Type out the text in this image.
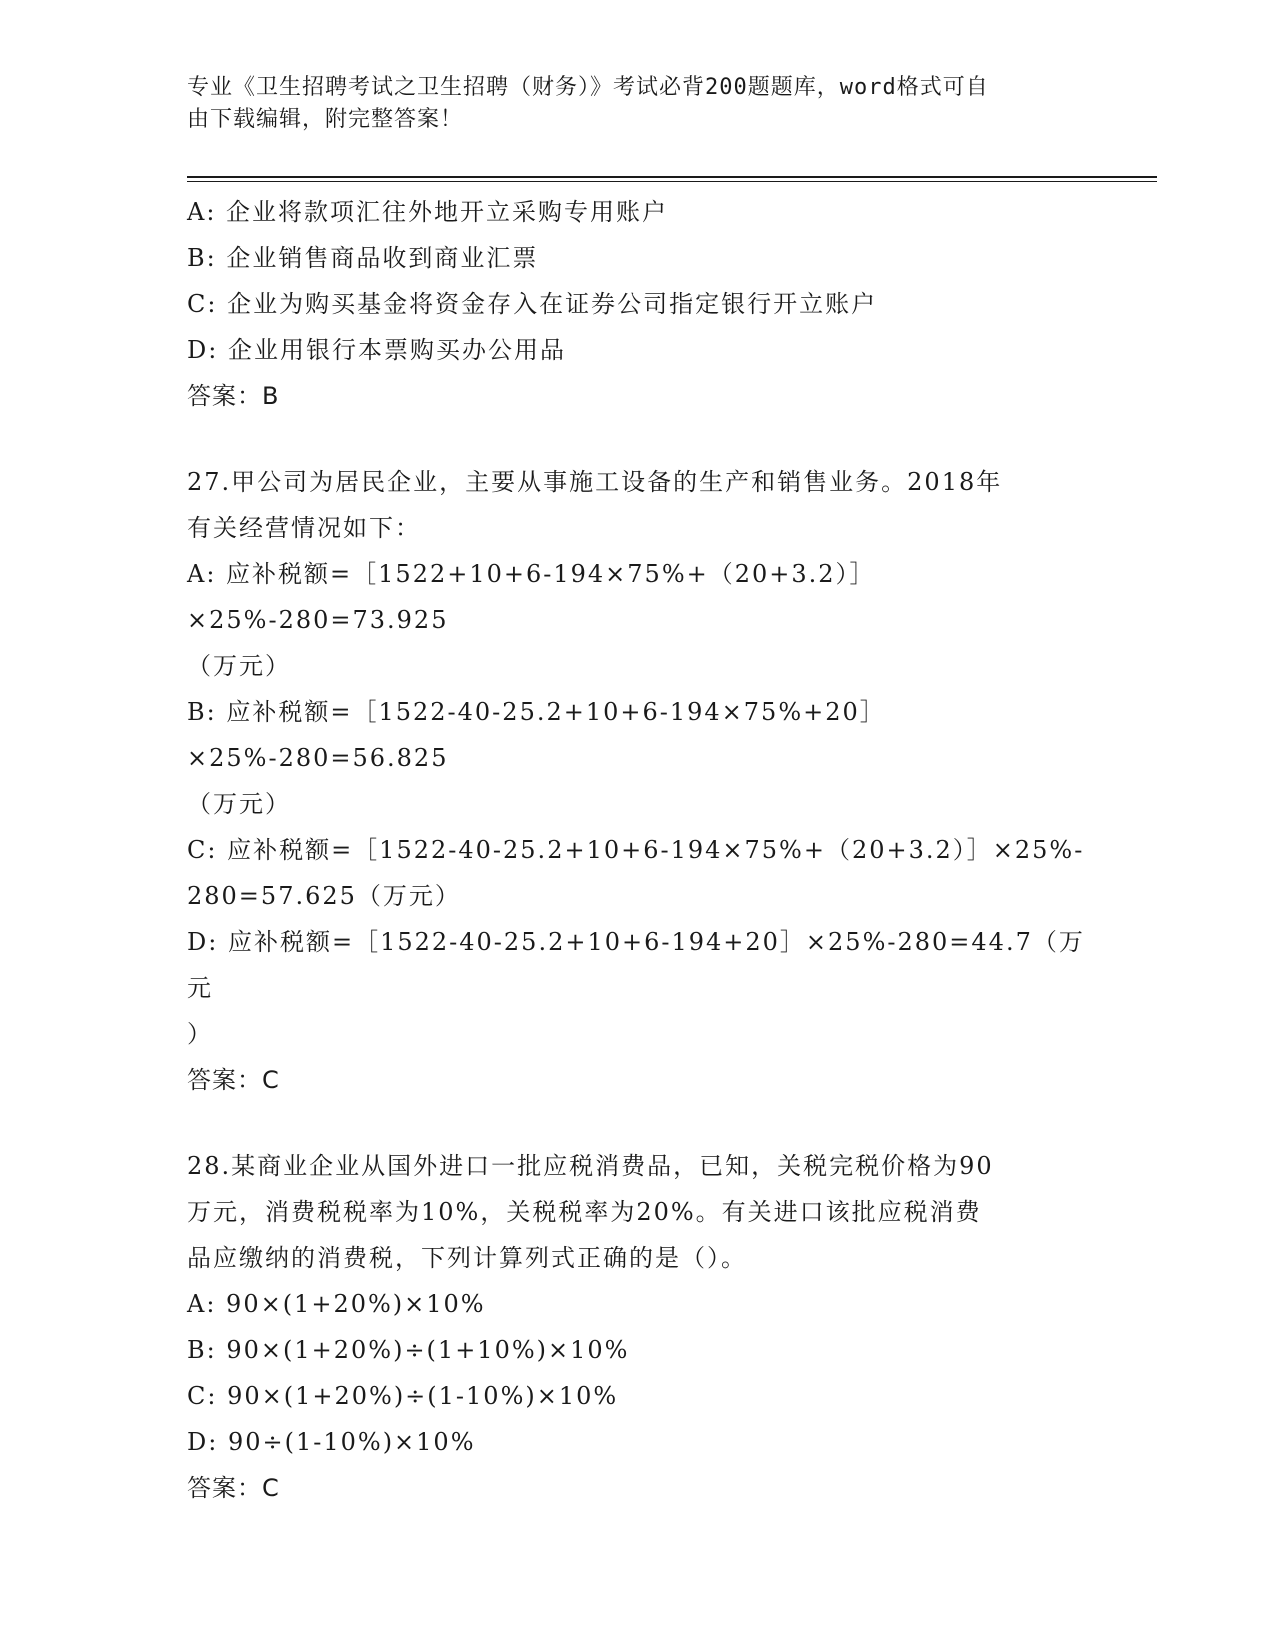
专业《卫生招聘考试之卫生招聘（财务）》考试必背200题题库，word格式可自
由下载编辑，附完整答案！
A: 企业将款项汇往外地开立采购专用账户
B: 企业销售商品收到商业汇票
C: 企业为购买基金将资金存入在证券公司指定银行开立账户
D: 企业用银行本票购买办公用品
答案：B
27.甲公司为居民企业，主要从事施工设备的生产和销售业务。2018年
有关经营情况如下：
A: 应补税额=［1522+10+6-194×75%+（20+3.2）］×25%-280=73.925
（万元）
B: 应补税额=［1522-40-25.2+10+6-194×75%+20］×25%-280=56.825
（万元）
C: 应补税额=［1522-40-25.2+10+6-194×75%+（20+3.2）］×25%-
280=57.625（万元）
D: 应补税额=［1522-40-25.2+10+6-194+20］×25%-280=44.7（万元
）
答案：C
28.某商业企业从国外进口一批应税消费品，已知，关税完税价格为90
万元，消费税税率为10%，关税税率为20%。有关进口该批应税消费
品应缴纳的消费税，下列计算列式正确的是（）。
A: 90×(1+20%)×10%
B: 90×(1+20%)÷(1+10%)×10%
C: 90×(1+20%)÷(1-10%)×10%
D: 90÷(1-10%)×10%
答案：C
